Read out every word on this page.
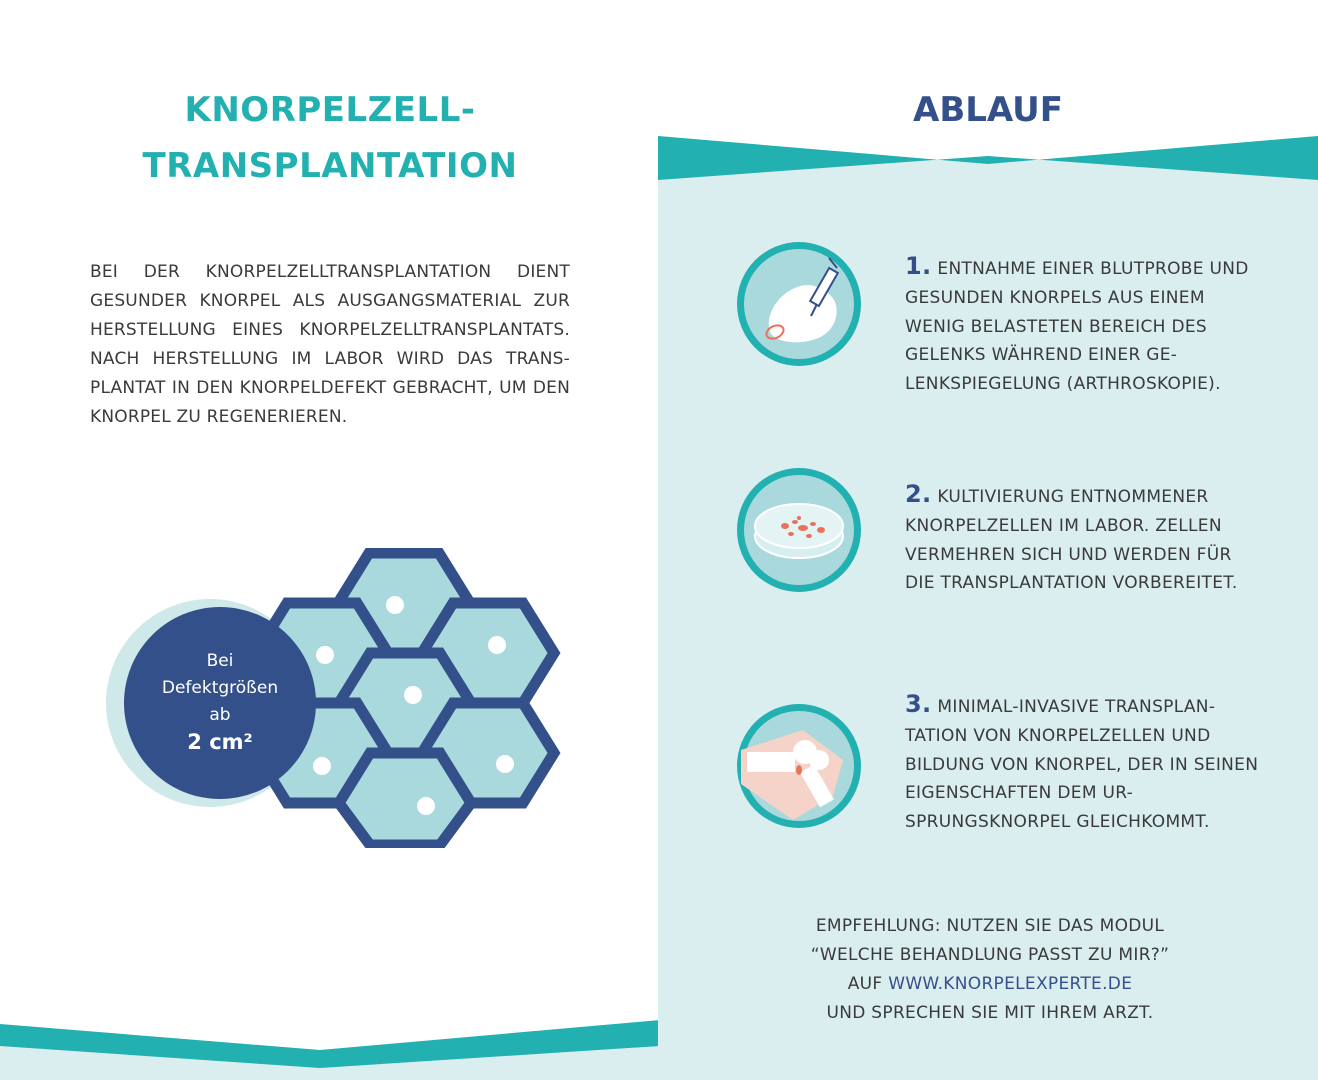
KNORPELZELL-
TRANSPLANTATION
BEI DER KNORPELZELLTRANSPLANTATION DIENT GESUNDER KNORPEL ALS AUSGANGSMATERIAL ZUR HERSTELLUNG EINES KNORPELZELLTRANSPLANTATS. NACH HERSTELLUNG IM LABOR WIRD DAS TRANS- PLANTAT IN DEN KNORPELDEFEKT GEBRACHT, UM DEN KNORPEL ZU REGENERIEREN.
Bei
Defektgrößen
ab
2 cm²
ABLAUF
1. ENTNAHME EINER BLUTPROBE UND GESUNDEN KNORPELS AUS EINEM WENIG BELASTETEN BEREICH DES GELENKS WÄHREND EINER GE- LENKSPIEGELUNG (ARTHROSKOPIE).
2. KULTIVIERUNG ENTNOMMENER KNORPELZELLEN IM LABOR. ZELLEN VERMEHREN SICH UND WERDEN FÜR DIE TRANSPLANTATION VORBEREITET.
3. MINIMAL-INVASIVE TRANSPLAN- TATION VON KNORPELZELLEN UND BILDUNG VON KNORPEL, DER IN SEINEN EIGENSCHAFTEN DEM UR- SPRUNGSKNORPEL GLEICHKOMMT.
EMPFEHLUNG: NUTZEN SIE DAS MODUL
“WELCHE BEHANDLUNG PASST ZU MIR?”
AUF WWW.KNORPELEXPERTE.DE
UND SPRECHEN SIE MIT IHREM ARZT.
